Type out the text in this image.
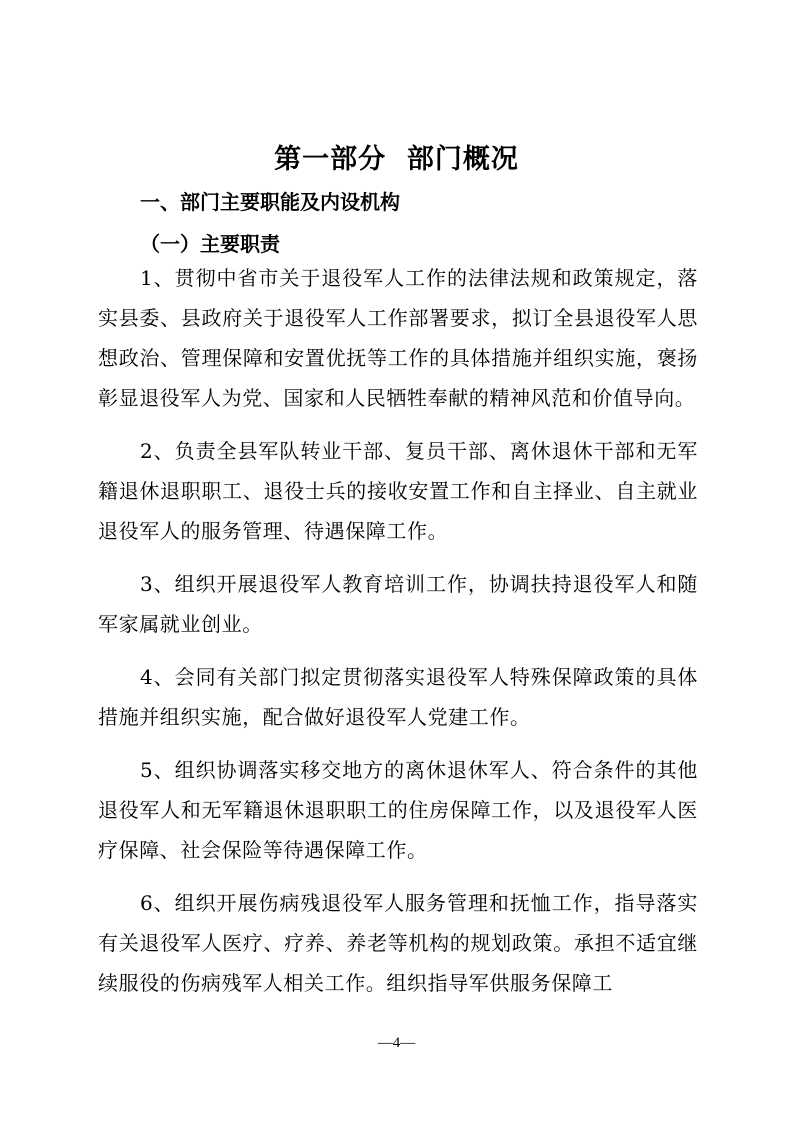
第一部分  部门概况
一、部门主要职能及内设机构
（一）主要职责

1、贯彻中省市关于退役军人工作的法律法规和政策规定，落实县委、县政府关于退役军人工作部署要求，拟订全县退役军人思想政治、管理保障和安置优抚等工作的具体措施并组织实施，褒扬彰显退役军人为党、国家和人民牺牲奉献的精神风范和价值导向。

2、负责全县军队转业干部、复员干部、离休退休干部和无军籍退休退职职工、退役士兵的接收安置工作和自主择业、自主就业退役军人的服务管理、待遇保障工作。

3、组织开展退役军人教育培训工作，协调扶持退役军人和随军家属就业创业。

4、会同有关部门拟定贯彻落实退役军人特殊保障政策的具体措施并组织实施，配合做好退役军人党建工作。

5、组织协调落实移交地方的离休退休军人、符合条件的其他退役军人和无军籍退休退职职工的住房保障工作，以及退役军人医疗保障、社会保险等待遇保障工作。

6、组织开展伤病残退役军人服务管理和抚恤工作，指导落实有关退役军人医疗、疗养、养老等机构的规划政策。承担不适宜继续服役的伤病残军人相关工作。组织指导军供服务保障工

—4—
